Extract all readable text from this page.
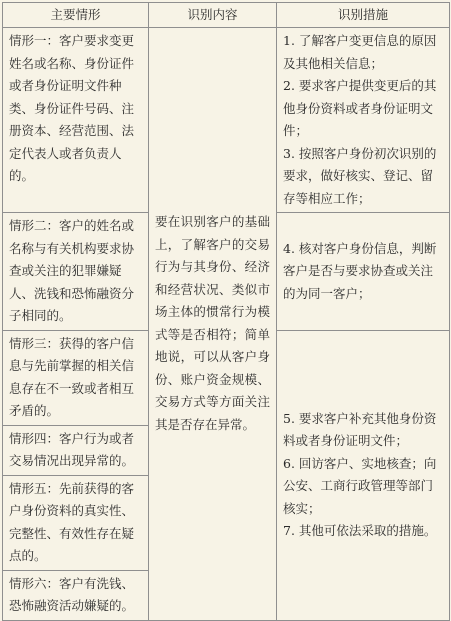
主要情形	识别内容	识别措施
情形一：客户要求变更姓名或名称、身份证件或者身份证明文件种类、身份证件号码、注册资本、经营范围、法定代表人或者负责人的。	要在识别客户的基础上，了解客户的交易行为与其身份、经济和经营状况、类似市场主体的惯常行为模式等是否相符；简单地说，可以从客户身份、账户资金规模、交易方式等方面关注其是否存在异常。	1. 了解客户变更信息的原因及其他相关信息；
2. 要求客户提供变更后的其他身份资料或者身份证明文件；
3. 按照客户身份初次识别的要求，做好核实、登记、留存等相应工作；

情形二：客户的姓名或名称与有关机构要求协查或关注的犯罪嫌疑人、洗钱和恐怖融资分子相同的。		4. 核对客户身份信息，判断客户是否与要求协查或关注的为同一客户；

情形三：获得的客户信息与先前掌握的相关信息存在不一致或者相互矛盾的。		5. 要求客户补充其他身份资料或者身份证明文件；
6. 回访客户、实地核查；向公安、工商行政管理等部门核实；
7. 其他可依法采取的措施。

情形四：客户行为或者交易情况出现异常的。		
情形五：先前获得的客户身份资料的真实性、完整性、有效性存在疑点的。		
情形六：客户有洗钱、恐怖融资活动嫌疑的。		
